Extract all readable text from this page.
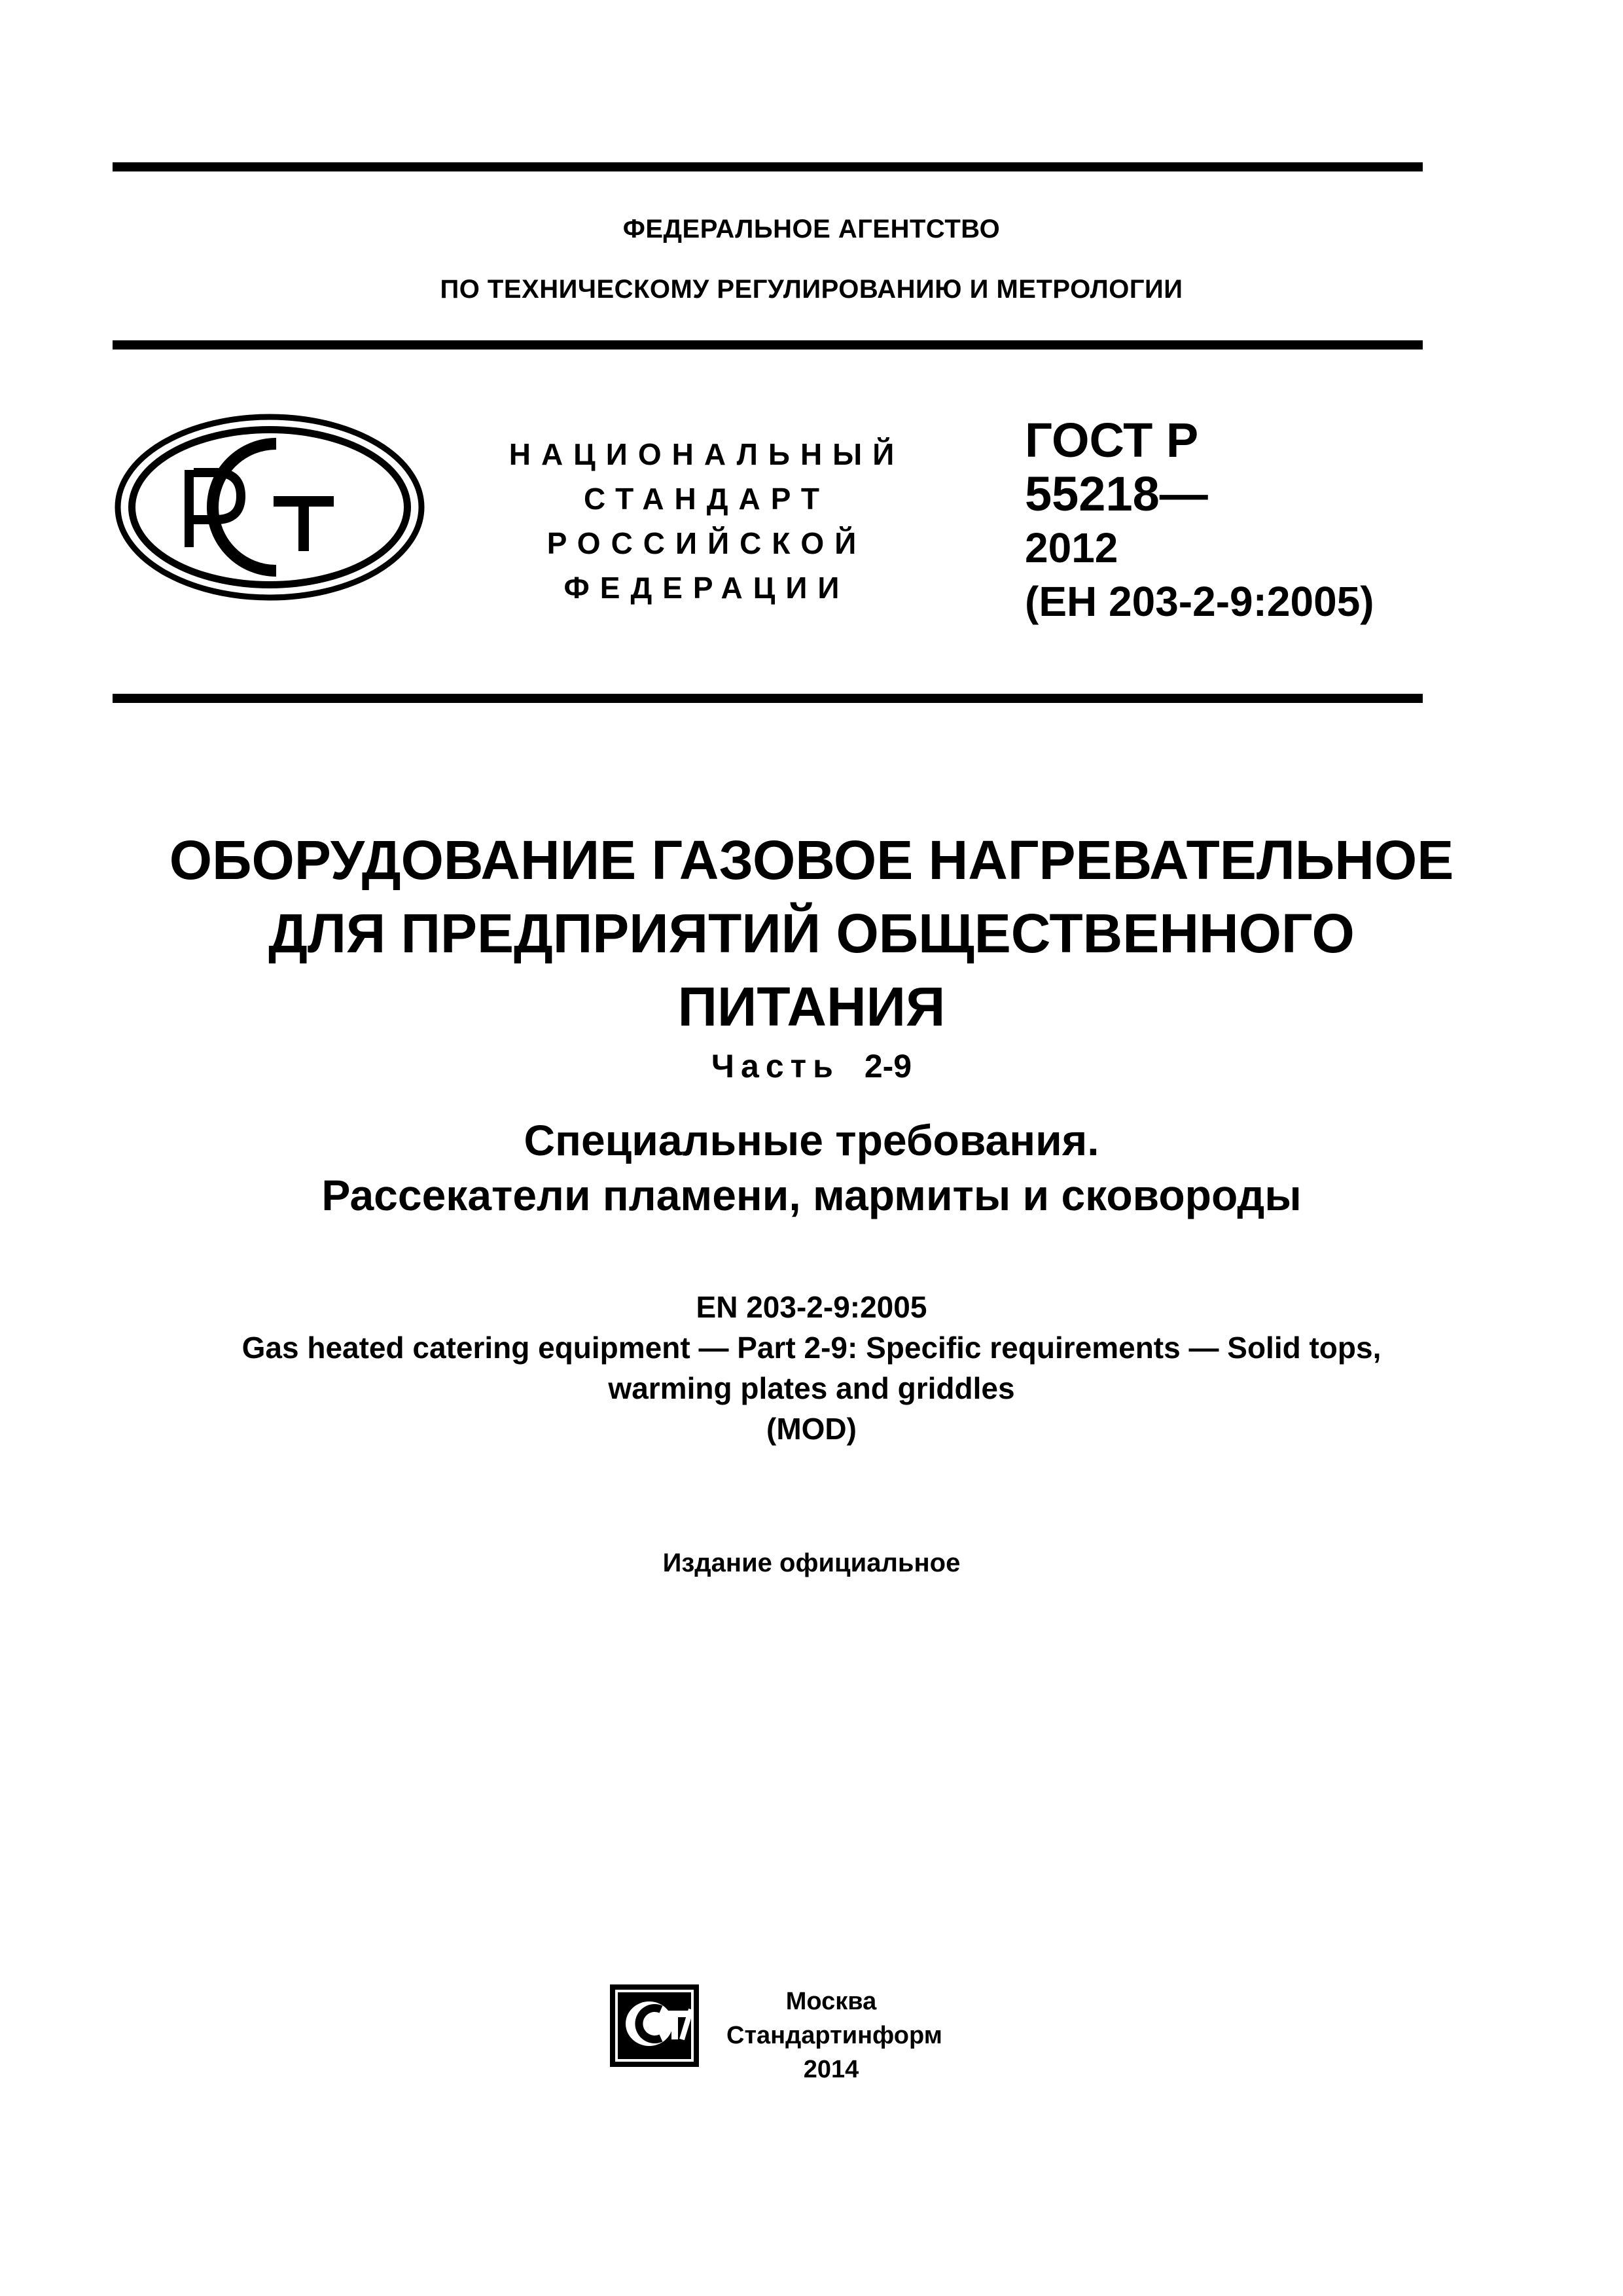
ФЕДЕРАЛЬНОЕ АГЕНТСТВО
ПО ТЕХНИЧЕСКОМУ РЕГУЛИРОВАНИЮ И МЕТРОЛОГИИ
НАЦИОНАЛЬНЫЙ
СТАНДАРТ
РОССИЙСКОЙ
ФЕДЕРАЦИИ
ГОСТ Р
55218—
2012
(ЕН 203-2-9:2005)
ОБОРУДОВАНИЕ ГАЗОВОЕ НАГРЕВАТЕЛЬНОЕ
ДЛЯ ПРЕДПРИЯТИЙ ОБЩЕСТВЕННОГО
ПИТАНИЯ
Часть 2-9
Специальные требования.
Рассекатели пламени, мармиты и сковороды
EN 203-2-9:2005
Gas heated catering equipment — Part 2-9: Specific requirements — Solid tops,
warming plates and griddles
(MOD)
Издание официальное
Москва
Стандартинформ
2014
